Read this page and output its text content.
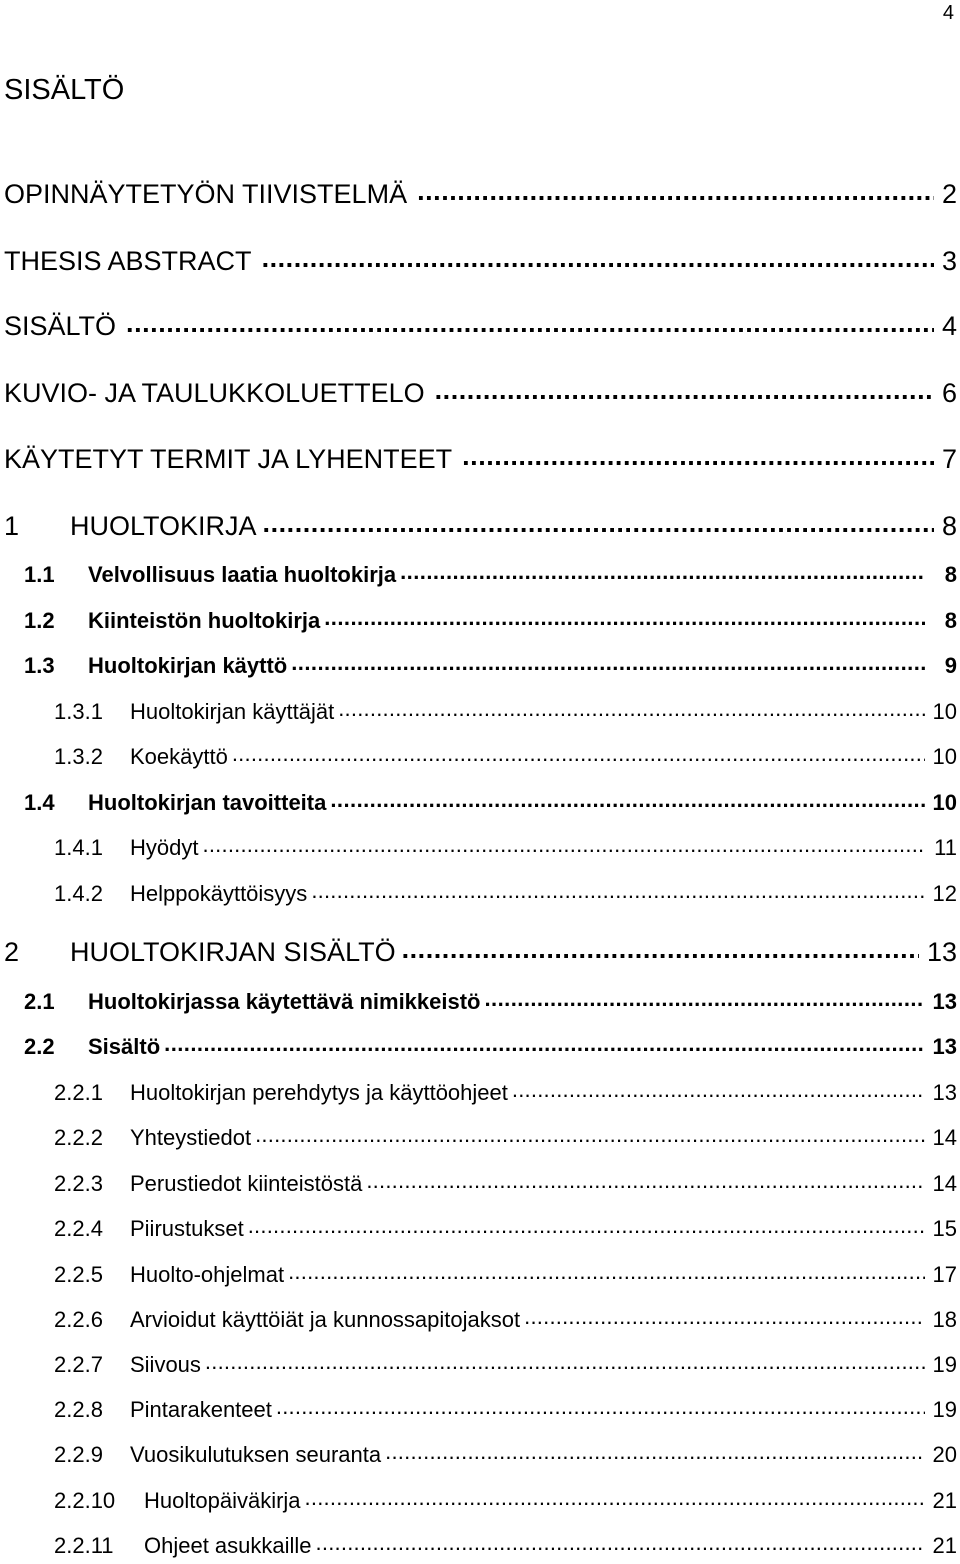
4
SISÄLTÖ
OPINNÄYTETYÖN TIIVISTELMÄ .....	2
THESIS ABSTRACT .....	3
SISÄLTÖ .....	4
KUVIO- JA TAULUKKOLUETTELO .....	6
KÄYTETYT TERMIT JA LYHENTEET .....	7
1	HUOLTOKIRJA .....	8
1.1	Velvollisuus laatia huoltokirja .....	8
1.2	Kiinteistön huoltokirja .....	8
1.3	Huoltokirjan käyttö .....	9
1.3.1	Huoltokirjan käyttäjät .....	10
1.3.2	Koekäyttö .....	10
1.4	Huoltokirjan tavoitteita .....	10
1.4.1	Hyödyt .....	11
1.4.2	Helppokäyttöisyys .....	12
2	HUOLTOKIRJAN SISÄLTÖ .....	13
2.1	Huoltokirjassa käytettävä nimikkeistö .....	13
2.2	Sisältö .....	13
2.2.1	Huoltokirjan perehdytys ja käyttöohjeet .....	13
2.2.2	Yhteystiedot .....	14
2.2.3	Perustiedot kiinteistöstä .....	14
2.2.4	Piirustukset .....	15
2.2.5	Huolto-ohjelmat .....	17
2.2.6	Arvioidut käyttöiät ja kunnossapitojaksot .....	18
2.2.7	Siivous .....	19
2.2.8	Pintarakenteet .....	19
2.2.9	Vuosikulutuksen seuranta .....	20
2.2.10	Huoltopäiväkirja .....	21
2.2.11	Ohjeet asukkaille .....	21
